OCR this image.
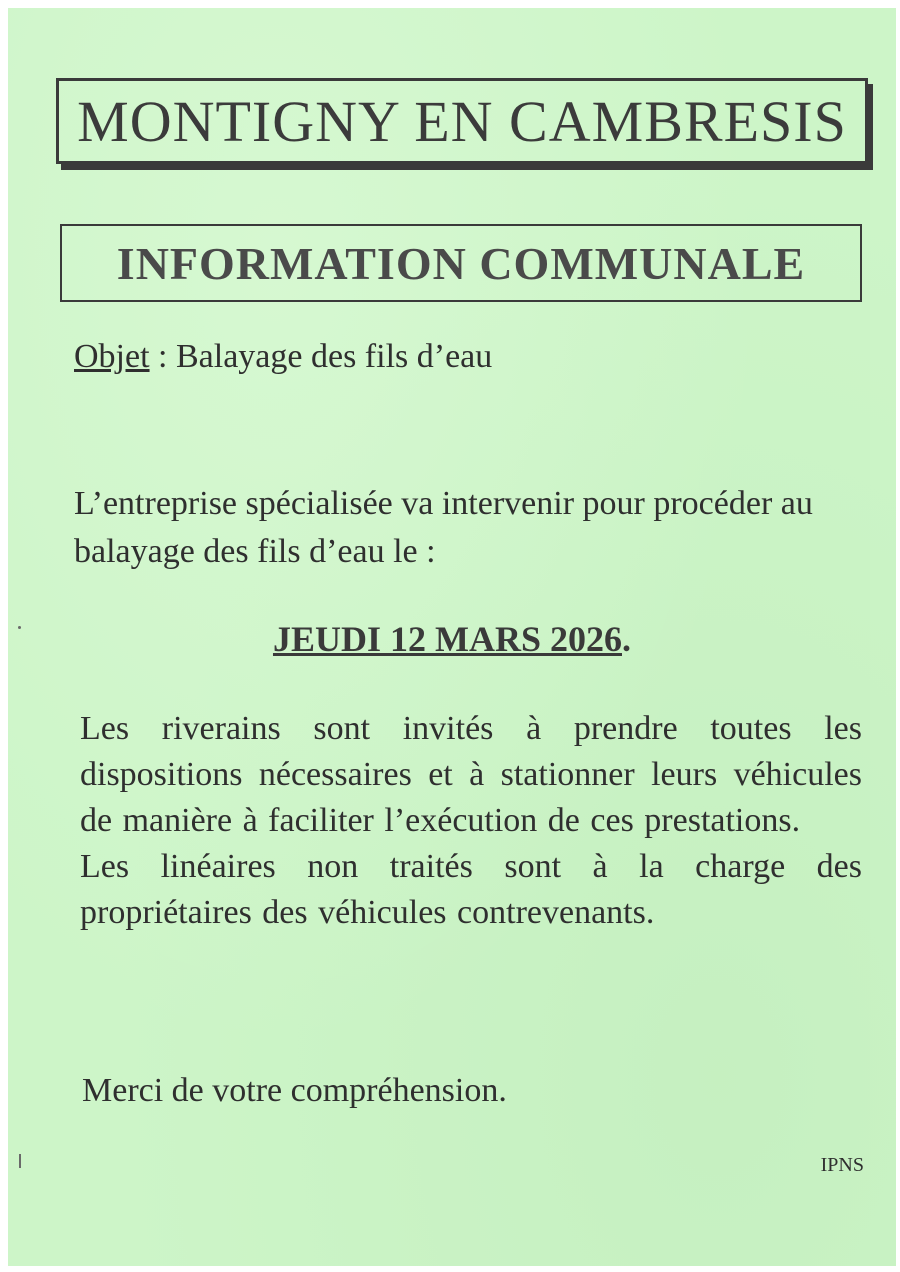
MONTIGNY EN CAMBRESIS
INFORMATION COMMUNALE
Objet : Balayage des fils d’eau
L’entreprise spécialisée va intervenir pour procéder au balayage des fils d’eau le :
JEUDI 12 MARS 2026.

Les riverains sont invités à prendre toutes les dispositions nécessaires et à stationner leurs véhicules de manière à faciliter l’exécution de ces prestations.

Les linéaires non traités sont à la charge des propriétaires des véhicules contrevenants.

Merci de votre compréhension.
IPNS
